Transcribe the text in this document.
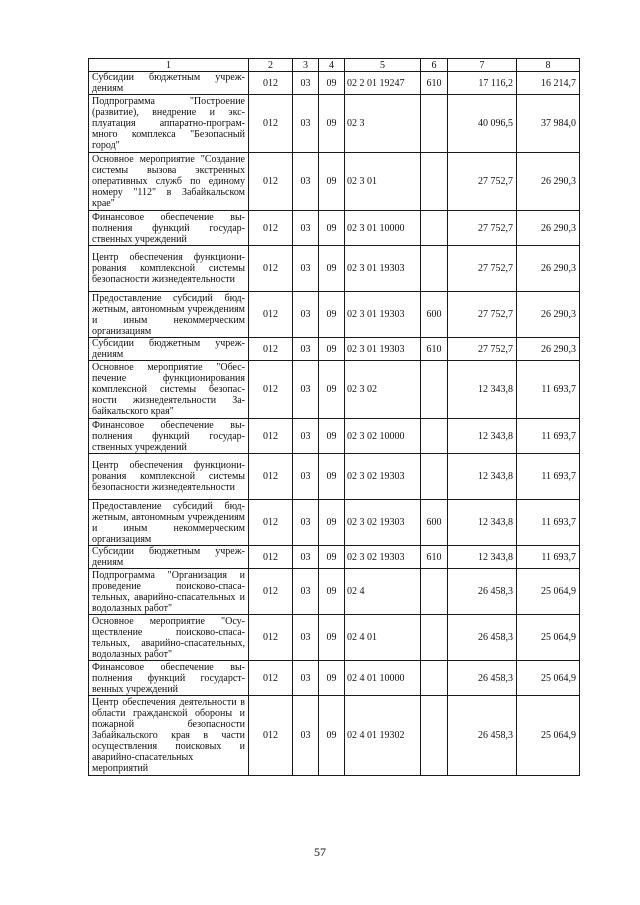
1	2	3	4	5	6	7	8
Субсидии бюджетным учреждениям	012	03	09	02 2 01 19247	610	17 116,2	16 214,7
Подпрограмма "Построение (развитие), внедрение и эксплуатация аппаратно-программного комплекса "Безопасный город"	012	03	09	02 3		40 096,5	37 984,0
Основное мероприятие "Создание системы вызова экстренных оперативных служб по единому номеру "112" в Забайкальском крае"	012	03	09	02 3 01		27 752,7	26 290,3
Финансовое обеспечение выполнения функций государственных учреждений	012	03	09	02 3 01 10000		27 752,7	26 290,3
Центр обеспечения функционирования комплексной системы безопасности жизнедеятельности	012	03	09	02 3 01 19303		27 752,7	26 290,3
Предоставление субсидий бюджетным, автономным учреждениям и иным некоммерческим организациям	012	03	09	02 3 01 19303	600	27 752,7	26 290,3
Субсидии бюджетным учреждениям	012	03	09	02 3 01 19303	610	27 752,7	26 290,3
Основное мероприятие "Обеспечение функционирования комплексной системы безопасности жизнедеятельности Забайкальского края"	012	03	09	02 3 02		12 343,8	11 693,7
Финансовое обеспечение выполнения функций государственных учреждений	012	03	09	02 3 02 10000		12 343,8	11 693,7
Центр обеспечения функционирования комплексной системы безопасности жизнедеятельности	012	03	09	02 3 02 19303		12 343,8	11 693,7
Предоставление субсидий бюджетным, автономным учреждениям и иным некоммерческим организациям	012	03	09	02 3 02 19303	600	12 343,8	11 693,7
Субсидии бюджетным учреждениям	012	03	09	02 3 02 19303	610	12 343,8	11 693,7
Подпрограмма "Организация и проведение поисково-спасательных, аварийно-спасательных и водолазных работ"	012	03	09	02 4		26 458,3	25 064,9
Основное мероприятие "Осуществление поисково-спасательных, аварийно-спасательных, водолазных работ"	012	03	09	02 4 01		26 458,3	25 064,9
Финансовое обеспечение выполнения функций государственных учреждений	012	03	09	02 4 01 10000		26 458,3	25 064,9
Центр обеспечения деятельности в области гражданской обороны и пожарной безопасности Забайкальского края в части осуществления поисковых и аварийно-спасательных мероприятий	012	03	09	02 4 01 19302		26 458,3	25 064,9
57
